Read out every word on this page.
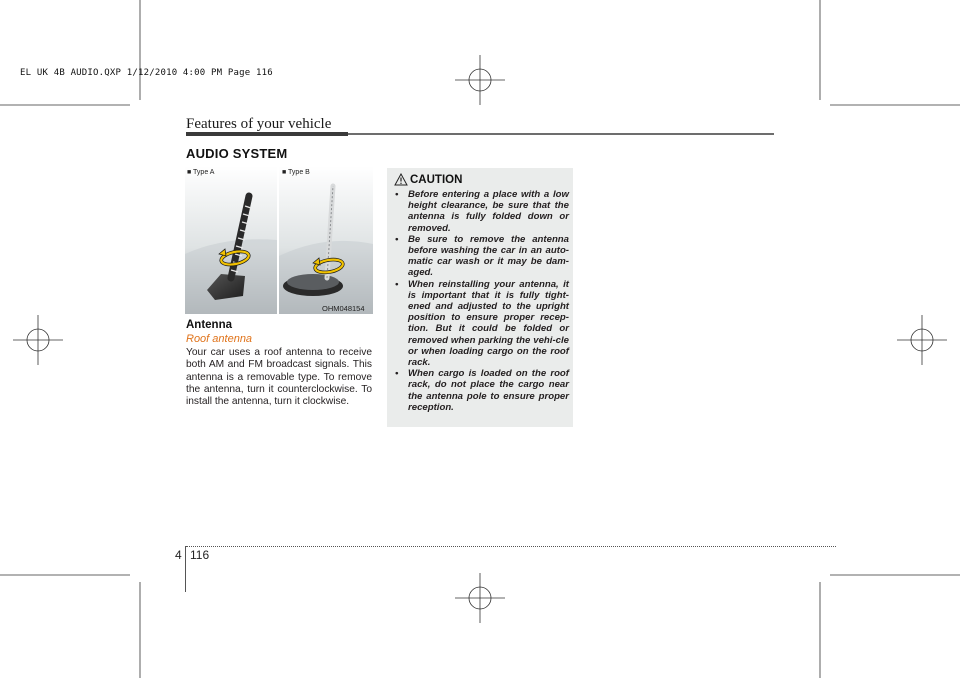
EL UK 4B AUDIO.QXP 1/12/2010 4:00 PM Page 116
Features of your vehicle
AUDIO SYSTEM
■ Type A	■ Type B
OHM048154
Antenna
Roof antenna
Your car uses a roof antenna to receive both AM and FM broadcast signals. This antenna is a removable type. To remove the antenna, turn it counterclockwise. To install the antenna, turn it clockwise.
CAUTION
• Before entering a place with a low height clearance, be sure that the antenna is fully folded down or removed.
• Be sure to remove the antenna before washing the car in an auto-matic car wash or it may be dam-aged.
• When reinstalling your antenna, it is important that it is fully tight-ened and adjusted to the upright position to ensure proper recep-tion. But it could be folded or removed when parking the vehi-cle or when loading cargo on the roof rack.
• When cargo is loaded on the roof rack, do not place the cargo near the antenna pole to ensure proper reception.
4 116
